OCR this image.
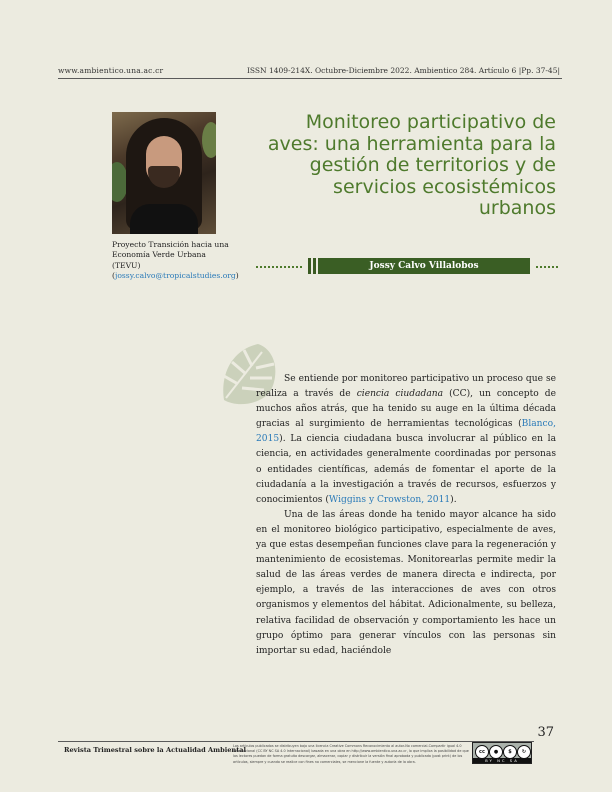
www.ambientico.una.ac.cr	ISSN 1409-214X. Octubre-Diciembre 2022. Ambientico 284. Artículo 6 |Pp. 37-45|
Proyecto Transición hacia una Economía Verde Urbana (TEVU)
(jossy.calvo@tropicalstudies.org)
Monitoreo participativo de aves: una herramienta para la gestión de territorios y de servicios ecosistémicos urbanos
Jossy Calvo Villalobos

Se entiende por monitoreo participativo un proceso que se realiza a través de ciencia ciudadana (CC), un concepto de muchos años atrás, que ha tenido su auge en la última década gracias al surgimiento de herramientas tecnológicas (Blanco, 2015). La ciencia ciudadana busca involucrar al público en la ciencia, en actividades generalmente coordinadas por personas o entidades científicas, además de fomentar el aporte de la ciudadanía a la investigación a través de recursos, esfuerzos y conocimientos (Wiggins y Crowston, 2011).

Una de las áreas donde ha tenido mayor alcance ha sido en el monitoreo biológico participativo, especialmente de aves, ya que estas desempeñan funciones clave para la regeneración y mantenimiento de ecosistemas. Monitorearlas permite medir la salud de las áreas verdes de manera directa e indirecta, por ejemplo, a través de las interacciones de aves con otros organismos y elementos del hábitat. Adicionalmente, su belleza, relativa facilidad de observación y comportamiento les hace un grupo óptimo para generar vínculos con las personas sin importar su edad, haciéndole

37
Revista Trimestral sobre la Actualidad Ambiental
Los artículos publicados se distribuyen bajo una licencia Creative Commons Reconocimiento al autor-No comercial-Compartir igual 4.0 Internacional (CC BY NC SA 4.0 Internacional) basada en una obra en http://www.ambientico.una.ac.cr, lo que implica la posibilidad de que los lectores puedan de forma gratuita descargar, almacenar, copiar y distribuir la versión final aprobada y publicada (post print) de los artículos, siempre y cuando se realice con fines no comerciales, se mencione la fuente y autoría de la obra.
cc	●	$	↻
BY NC SA
